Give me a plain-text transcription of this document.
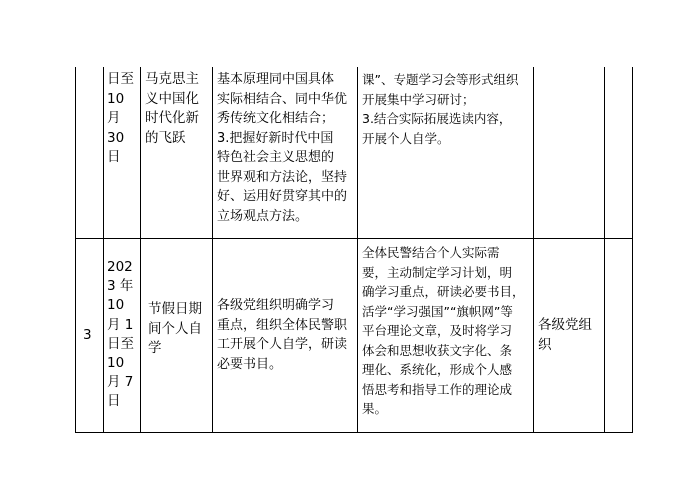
日至
10
月
30
日
马克思主
义中国化
时代化新
的飞跃
基本原理同中国具体
实际相结合、同中华优
秀传统文化相结合；
3.把握好新时代中国
特色社会主义思想的
世界观和方法论，坚持
好、运用好贯穿其中的
立场观点方法。
课”、专题学习会等形式组织
开展集中学习研讨；
3.结合实际拓展选读内容，
开展个人自学。
3
202
3 年
10
月 1
日至
10
月 7
日
节假日期
间个人自
学
各级党组织明确学习
重点，组织全体民警职
工开展个人自学，研读
必要书目。
全体民警结合个人实际需
要，主动制定学习计划，明
确学习重点，研读必要书目，
活学“学习强国”“旗帜网”等
平台理论文章，及时将学习
体会和思想收获文字化、条
理化、系统化，形成个人感
悟思考和指导工作的理论成
果。
各级党组
织
